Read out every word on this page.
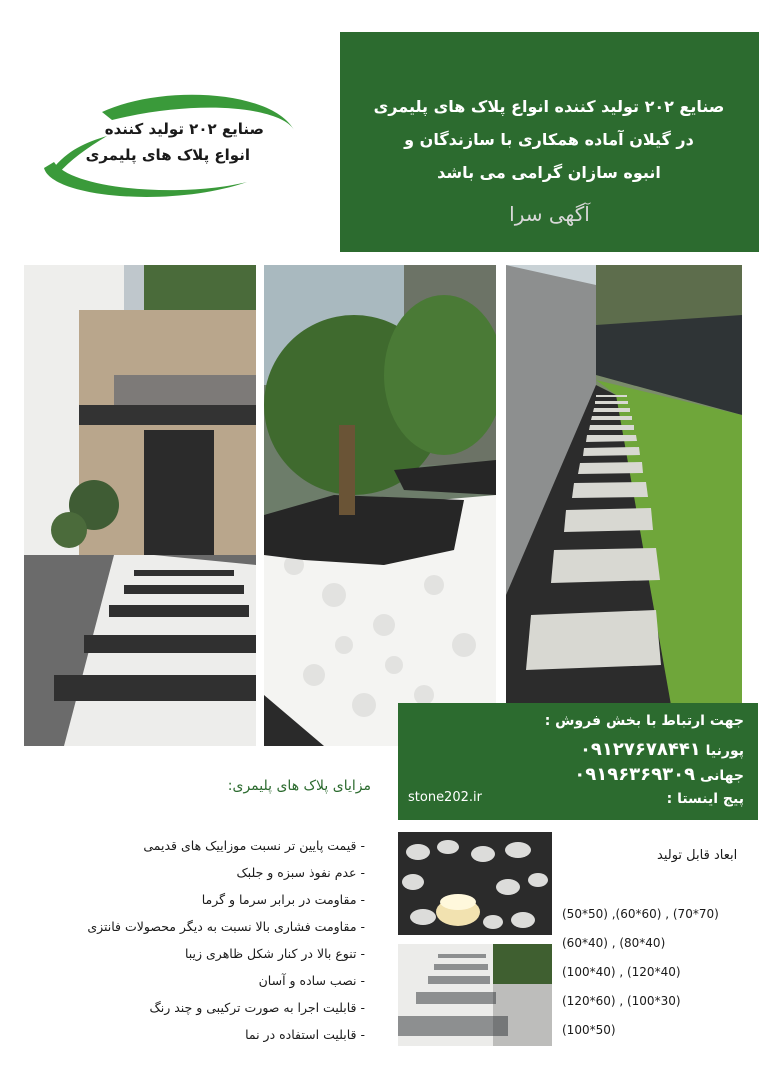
صنایع ۲۰۲ تولید کننده
انواع پلاک های پلیمری
صنایع ۲۰۲ تولید کننده انواع پلاک های پلیمری
در گیلان آماده همکاری با سازندگان و
انبوه سازان گرامی می باشد
آگهی سرا
جهت ارتباط با بخش فروش :
پورنیا ۰۹۱۲۷۶۷۸۴۴۱
جهانی ۰۹۱۹۶۳۶۹۳۰۹
پیج اینستا :
stone202.ir
مزایای پلاک های پلیمری:
- قیمت پایین تر نسبت موزاییک های قدیمی
- عدم نفوذ سبزه و جلبک
- مقاومت در برابر سرما و گرما
- مقاومت فشاری بالا نسبت به دیگر محصولات فانتزی
- تنوع بالا در کنار شکل ظاهری زیبا
- نصب ساده و آسان
- قابلیت اجرا به صورت ترکیبی و چند رنگ
- قابلیت استفاده در نما
ابعاد قابل تولید
(50*50) ,(60*60) , (70*70)
(60*40) , (80*40)
(100*40) , (120*40)
(120*60) , (100*30)
(100*50)
